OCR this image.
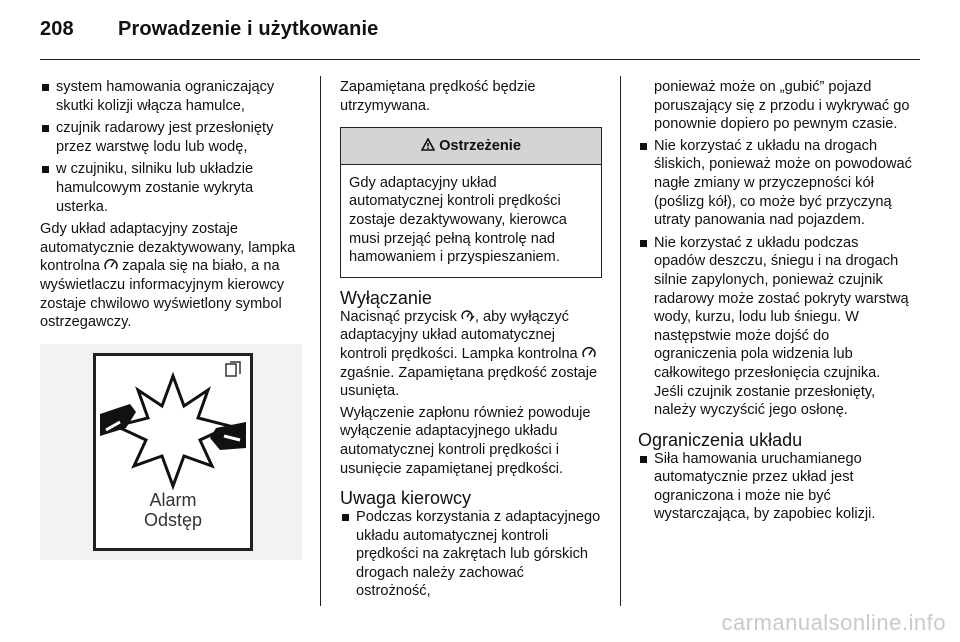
208 Prowadzenie i użytkowanie
system hamowania ograniczający skutki kolizji włącza hamulce,
czujnik radarowy jest przesłonięty przez warstwę lodu lub wodę,
w czujniku, silniku lub układzie hamulcowym zostanie wykryta usterka.

Gdy układ adaptacyjny zostaje automatycznie dezaktywowany, lampka kontrolna zapala się na biało, a na wyświetlaczu informacyjnym kierowcy zostaje chwilowo wyświetlony symbol ostrzegawczy.

Alarm
Odstęp

Zapamiętana prędkość będzie utrzymywana.

Ostrzeżenie
Gdy adaptacyjny układ automatycznej kontroli prędkości zostaje dezaktywowany, kierowca musi przejąć pełną kontrolę nad hamowaniem i przyspieszaniem.
Wyłączanie

Nacisnąć przycisk , aby wyłączyć adaptacyjny układ automatycznej kontroli prędkości. Lampka kontrolna  zgaśnie. Zapamiętana prędkość zostaje usunięta.

Wyłączenie zapłonu również powoduje wyłączenie adaptacyjnego układu automatycznej kontroli prędkości i usunięcie zapamiętanej prędkości.

Uwaga kierowcy
Podczas korzystania z adaptacyjnego układu automatycznej kontroli prędkości na zakrętach lub górskich drogach należy zachować ostrożność,

ponieważ może on „gubić” pojazd poruszający się z przodu i wykrywać go ponownie dopiero po pewnym czasie.

Nie korzystać z układu na drogach śliskich, ponieważ może on powodować nagłe zmiany w przyczepności kół (poślizg kół), co może być przyczyną utraty panowania nad pojazdem.
Nie korzystać z układu podczas opadów deszczu, śniegu i na drogach silnie zapylonych, ponieważ czujnik radarowy może zostać pokryty warstwą wody, kurzu, lodu lub śniegu. W następstwie może dojść do ograniczenia pola widzenia lub całkowitego przesłonięcia czujnika. Jeśli czujnik zostanie przesłonięty, należy wyczyścić jego osłonę.
Ograniczenia układu
Siła hamowania uruchamianego automatycznie przez układ jest ograniczona i może nie być wystarczająca, by zapobiec kolizji.
carmanualsonline.info
